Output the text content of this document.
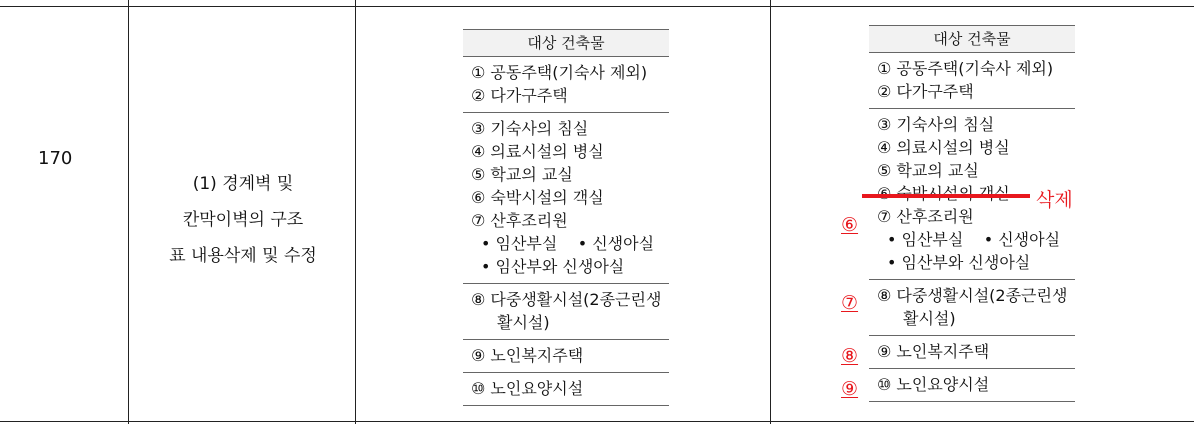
170
(1) 경계벽 및
칸막이벽의 구조
표 내용삭제 및 수정
대상 건축물
① 공동주택(기숙사 제외)
② 다가구주택
③ 기숙사의 침실
④ 의료시설의 병실
⑤ 학교의 교실
⑥ 숙박시설의 객실
⑦ 산후조리원
• 임산부실    • 신생아실
• 임산부와 신생아실
⑧ 다중생활시설(2종근린생
활시설)
⑨ 노인복지주택
⑩ 노인요양시설
대상 건축물
① 공동주택(기숙사 제외)
② 다가구주택
③ 기숙사의 침실
④ 의료시설의 병실
⑤ 학교의 교실
⑦ 산후조리원
• 임산부실    • 신생아실
• 임산부와 신생아실
⑧ 다중생활시설(2종근린생
활시설)
⑨ 노인복지주택
⑩ 노인요양시설
삭제
⑥
⑦
⑧
⑨
